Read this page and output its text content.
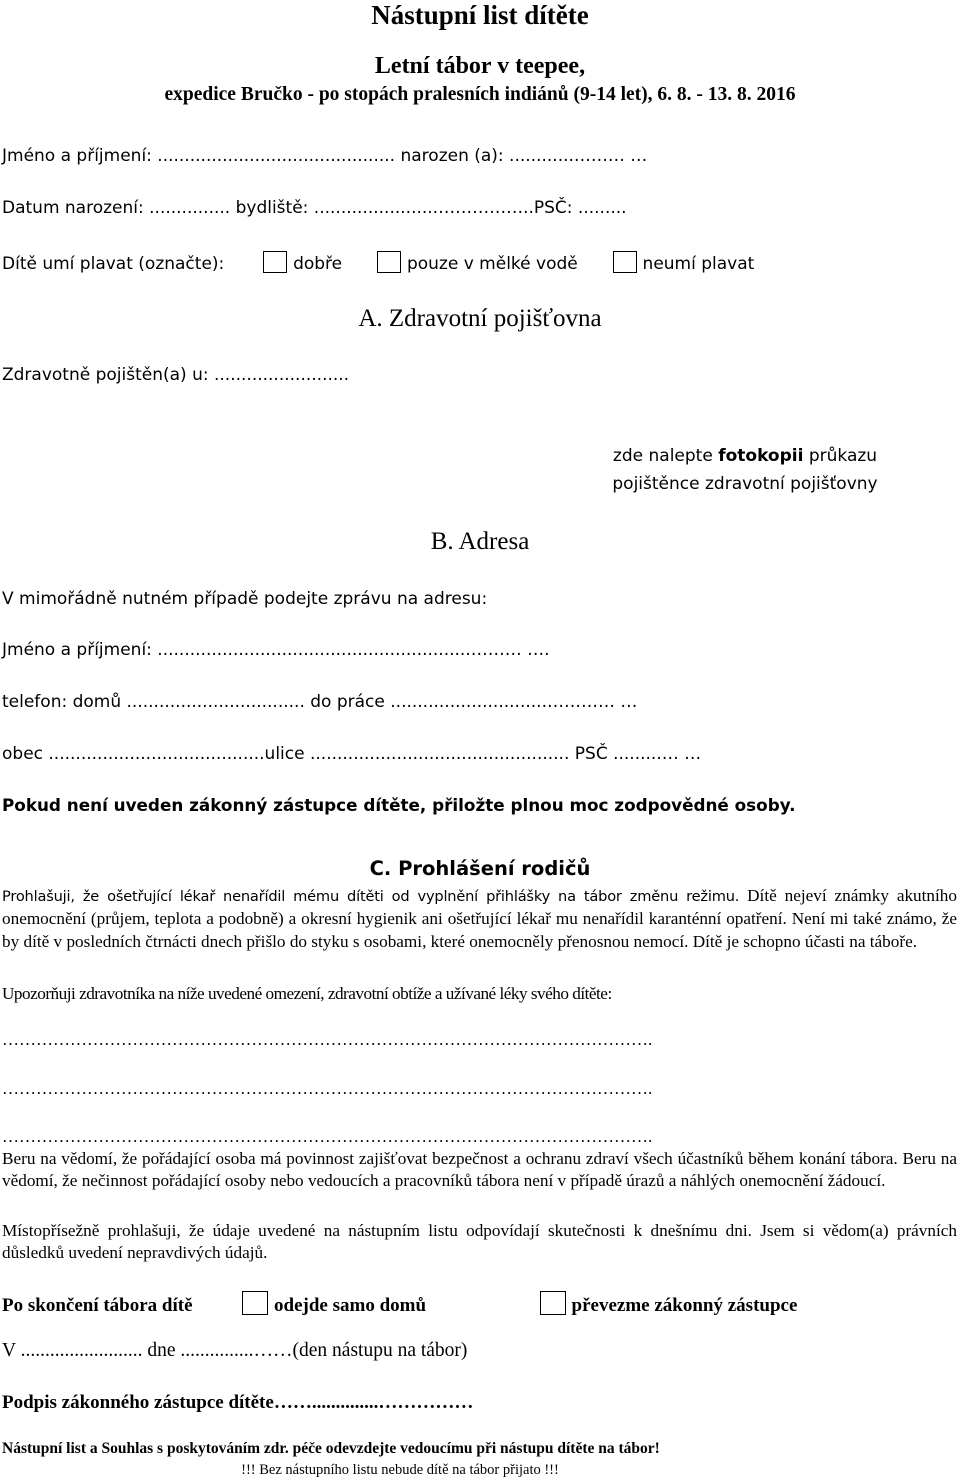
Nástupní list dítěte
Letní tábor v teepee,
expedice Bručko - po stopách pralesních indiánů (9-14 let), 6. 8. - 13. 8. 2016
Jméno a příjmení: ............................................ narozen (a): ............……… …
Datum narození: ............... bydliště: .......................……………..PSČ: .........
Dítě umí plavat (označte):	dobře	pouze v mělké vodě	neumí plavat
A. Zdravotní pojišťovna
Zdravotně pojištěn(a) u: .........................
zde nalepte fotokopii průkazu
pojištěnce zdravotní pojišťovny
B. Adresa
V mimořádně nutném případě podejte zprávu na adresu:
Jméno a příjmení: ..........................................................……… ….
telefon: domů ................................. do práce .............................………… …
obec ........................................ulice ................................................ PSČ .........… …
Pokud není uveden zákonný zástupce dítěte, přiložte plnou moc zodpovědné osoby.
C. Prohlášení rodičů
Prohlašuji, že ošetřující lékař nenařídil mému dítěti od vyplnění přihlášky na tábor změnu režimu. Dítě nejeví známky akutního onemocnění (průjem, teplota a podobně) a okresní hygienik ani ošetřující lékař mu nenařídil karanténní opatření. Není mi také známo, že by dítě v posledních čtrnácti dnech přišlo do styku s osobami, které onemocněly přenosnou nemocí. Dítě je schopno účasti na táboře.
Upozorňuji zdravotníka na níže uvedené omezení, zdravotní obtíže a užívané léky svého dítěte:
…………………………………………………………………………………………………….
…………………………………………………………………………………………………….
…………………………………………………………………………………………………….
Beru na vědomí, že pořádající osoba má povinnost zajišťovat bezpečnost a ochranu zdraví všech účastníků během konání tábora. Beru na vědomí, že nečinnost pořádající osoby nebo vedoucích a pracovníků tábora není v případě úrazů a náhlých onemocnění žádoucí.
Místopřísežně prohlašuji, že údaje uvedené na nástupním listu odpovídají skutečnosti k dnešnímu dni. Jsem si vědom(a) právních důsledků uvedení nepravdivých údajů.
Po skončení tábora dítě	odejde samo domů	převezme zákonný zástupce
V ......................... dne ...............……(den nástupu na tábor)
Podpis zákonného zástupce dítěte……..............……………
Nástupní list a Souhlas s poskytováním zdr. péče odevzdejte vedoucímu při nástupu dítěte na tábor!
!!! Bez nástupního listu nebude dítě na tábor přijato !!!
